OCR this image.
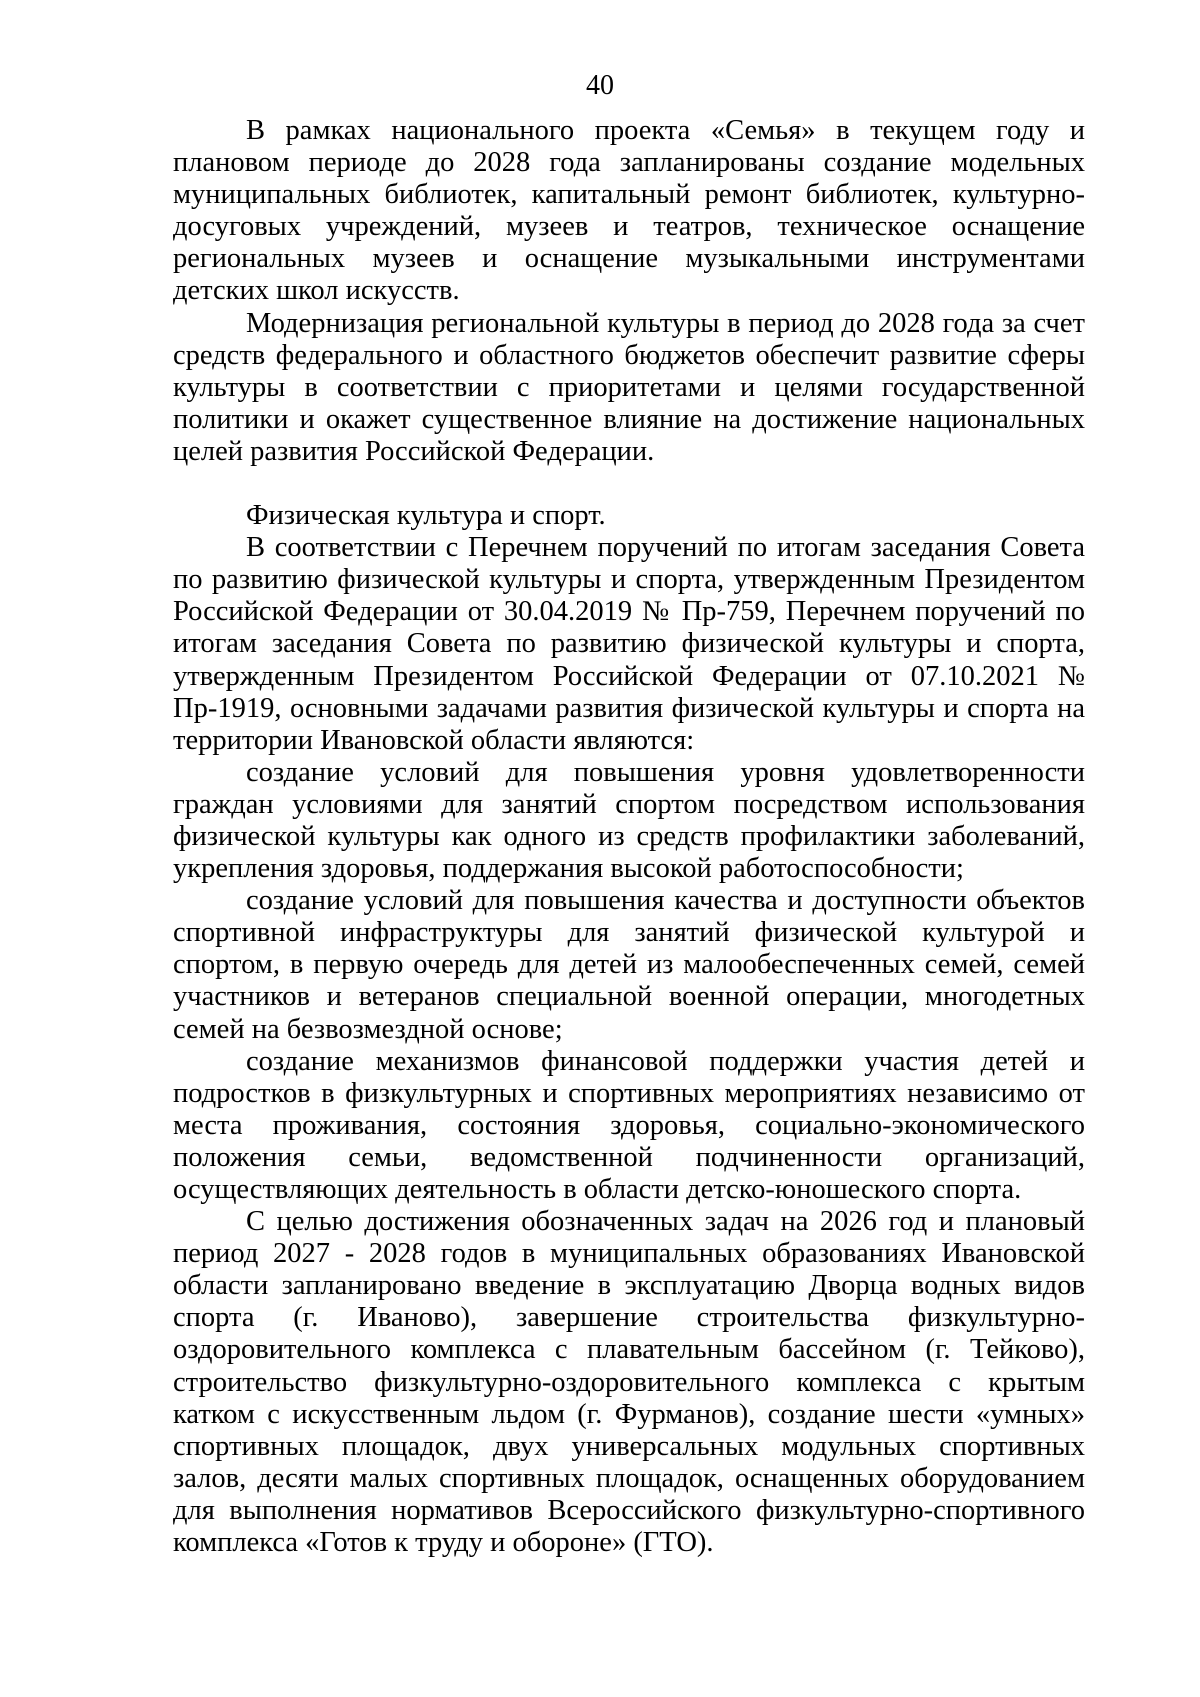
40

В рамках национального проекта «Семья» в текущем году и плановом периоде до 2028 года запланированы создание модельных муниципальных библиотек, капитальный ремонт библиотек, культурно-досуговых учреждений, музеев и театров, техническое оснащение региональных музеев и оснащение музыкальными инструментами детских школ искусств.

Модернизация региональной культуры в период до 2028 года за счет средств федерального и областного бюджетов обеспечит развитие сферы культуры в соответствии с приоритетами и целями государственной политики и окажет существенное влияние на достижение национальных целей развития Российской Федерации.

Физическая культура и спорт.

В соответствии с Перечнем поручений по итогам заседания Совета по развитию физической культуры и спорта, утвержденным Президентом Российской Федерации от 30.04.2019 № Пр-759, Перечнем поручений по итогам заседания Совета по развитию физической культуры и спорта, утвержденным Президентом Российской Федерации от 07.10.2021 № Пр-1919, основными задачами развития физической культуры и спорта на территории Ивановской области являются:

создание условий для повышения уровня удовлетворенности граждан условиями для занятий спортом посредством использования физической культуры как одного из средств профилактики заболеваний, укрепления здоровья, поддержания высокой работоспособности;

создание условий для повышения качества и доступности объектов спортивной инфраструктуры для занятий физической культурой и спортом, в первую очередь для детей из малообеспеченных семей, семей участников и ветеранов специальной военной операции, многодетных семей на безвозмездной основе;

создание механизмов финансовой поддержки участия детей и подростков в физкультурных и спортивных мероприятиях независимо от места проживания, состояния здоровья, социально-экономического положения семьи, ведомственной подчиненности организаций, осуществляющих деятельность в области детско-юношеского спорта.

С целью достижения обозначенных задач на 2026 год и плановый период 2027 - 2028 годов в муниципальных образованиях Ивановской области запланировано введение в эксплуатацию Дворца водных видов спорта (г. Иваново), завершение строительства физкультурно-оздоровительного комплекса с плавательным бассейном (г. Тейково), строительство физкультурно-оздоровительного комплекса с крытым катком с искусственным льдом (г. Фурманов), создание шести «умных» спортивных площадок, двух универсальных модульных спортивных залов, десяти малых спортивных площадок, оснащенных оборудованием для выполнения нормативов Всероссийского физкультурно-спортивного комплекса «Готов к труду и обороне» (ГТО).
